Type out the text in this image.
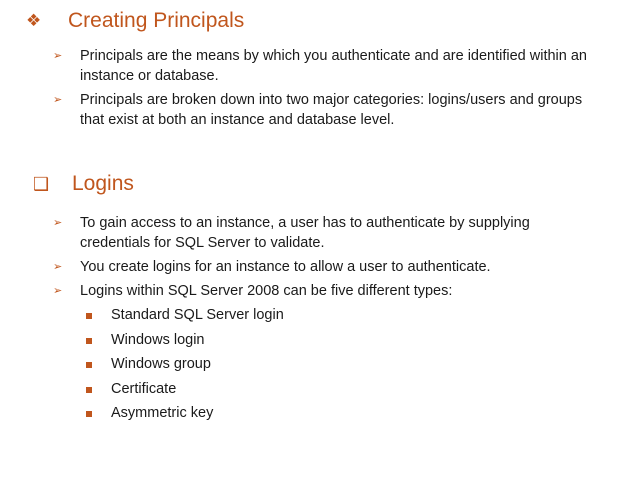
❖	Creating Principals
➢ Principals are the means by which you authenticate and are identified within an instance or database.
➢ Principals are broken down into two major categories: logins/users and groups that exist at both an instance and database level.
❑	Logins
➢ To gain access to an instance, a user has to authenticate by supplying credentials for SQL Server to validate.
➢ You create logins for an instance to allow a user to authenticate.
➢ Logins within SQL Server 2008 can be five different types:
Standard SQL Server login
Windows login
Windows group
Certificate
Asymmetric key
